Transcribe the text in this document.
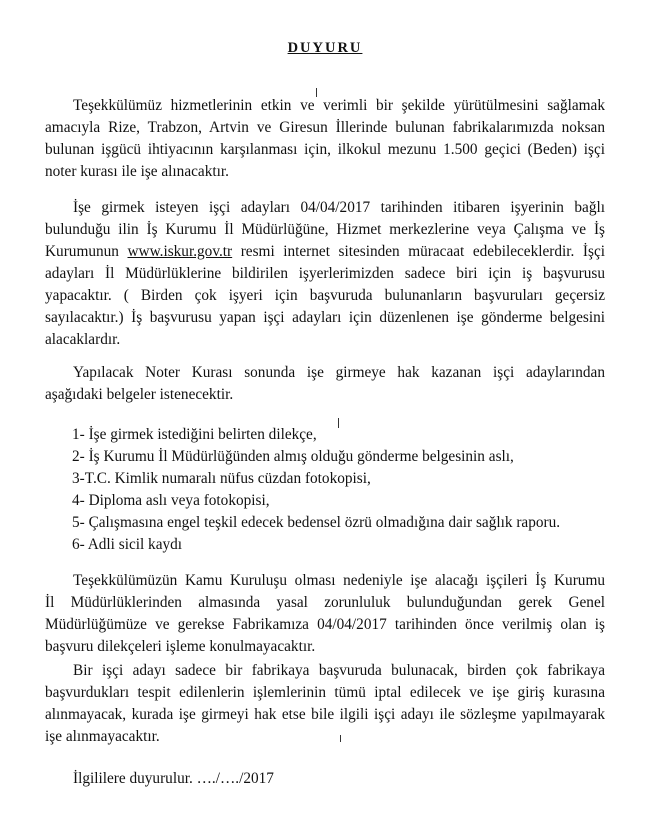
DUYURU
Teşekkülümüz hizmetlerinin etkin ve verimli bir şekilde yürütülmesini sağlamak
amacıyla Rize, Trabzon, Artvin ve Giresun İllerinde bulunan fabrikalarımızda noksan
bulunan işgücü ihtiyacının karşılanması için, ilkokul mezunu 1.500 geçici (Beden) işçi
noter kurası ile işe alınacaktır.
İşe girmek isteyen işçi adayları 04/04/2017 tarihinden itibaren işyerinin bağlı
bulunduğu ilin İş Kurumu İl Müdürlüğüne, Hizmet merkezlerine veya Çalışma ve İş
Kurumunun www.iskur.gov.tr resmi internet sitesinden müracaat edebileceklerdir. İşçi
adayları İl Müdürlüklerine bildirilen işyerlerimizden sadece biri için iş başvurusu
yapacaktır. ( Birden çok işyeri için başvuruda bulunanların başvuruları geçersiz
sayılacaktır.) İş başvurusu yapan işçi adayları için düzenlenen işe gönderme belgesini
alacaklardır.
Yapılacak Noter Kurası sonunda işe girmeye hak kazanan işçi adaylarından
aşağıdaki belgeler istenecektir.
1- İşe girmek istediğini belirten dilekçe,
2- İş Kurumu İl Müdürlüğünden almış olduğu gönderme belgesinin aslı,
3-T.C. Kimlik numaralı nüfus cüzdan fotokopisi,
4- Diploma aslı veya fotokopisi,
5- Çalışmasına engel teşkil edecek bedensel özrü olmadığına dair sağlık raporu.
6- Adli sicil kaydı
Teşekkülümüzün Kamu Kuruluşu olması nedeniyle işe alacağı işçileri İş Kurumu
İl Müdürlüklerinden almasında yasal zorunluluk bulunduğundan gerek Genel
Müdürlüğümüze ve gerekse Fabrikamıza 04/04/2017 tarihinden önce verilmiş olan iş
başvuru dilekçeleri işleme konulmayacaktır.
Bir işçi adayı sadece bir fabrikaya başvuruda bulunacak, birden çok fabrikaya
başvurdukları tespit edilenlerin işlemlerinin tümü iptal edilecek ve işe giriş kurasına
alınmayacak, kurada işe girmeyi hak etse bile ilgili işçi adayı ile sözleşme yapılmayarak
işe alınmayacaktır.
İlgililere duyurulur. …./…./2017
